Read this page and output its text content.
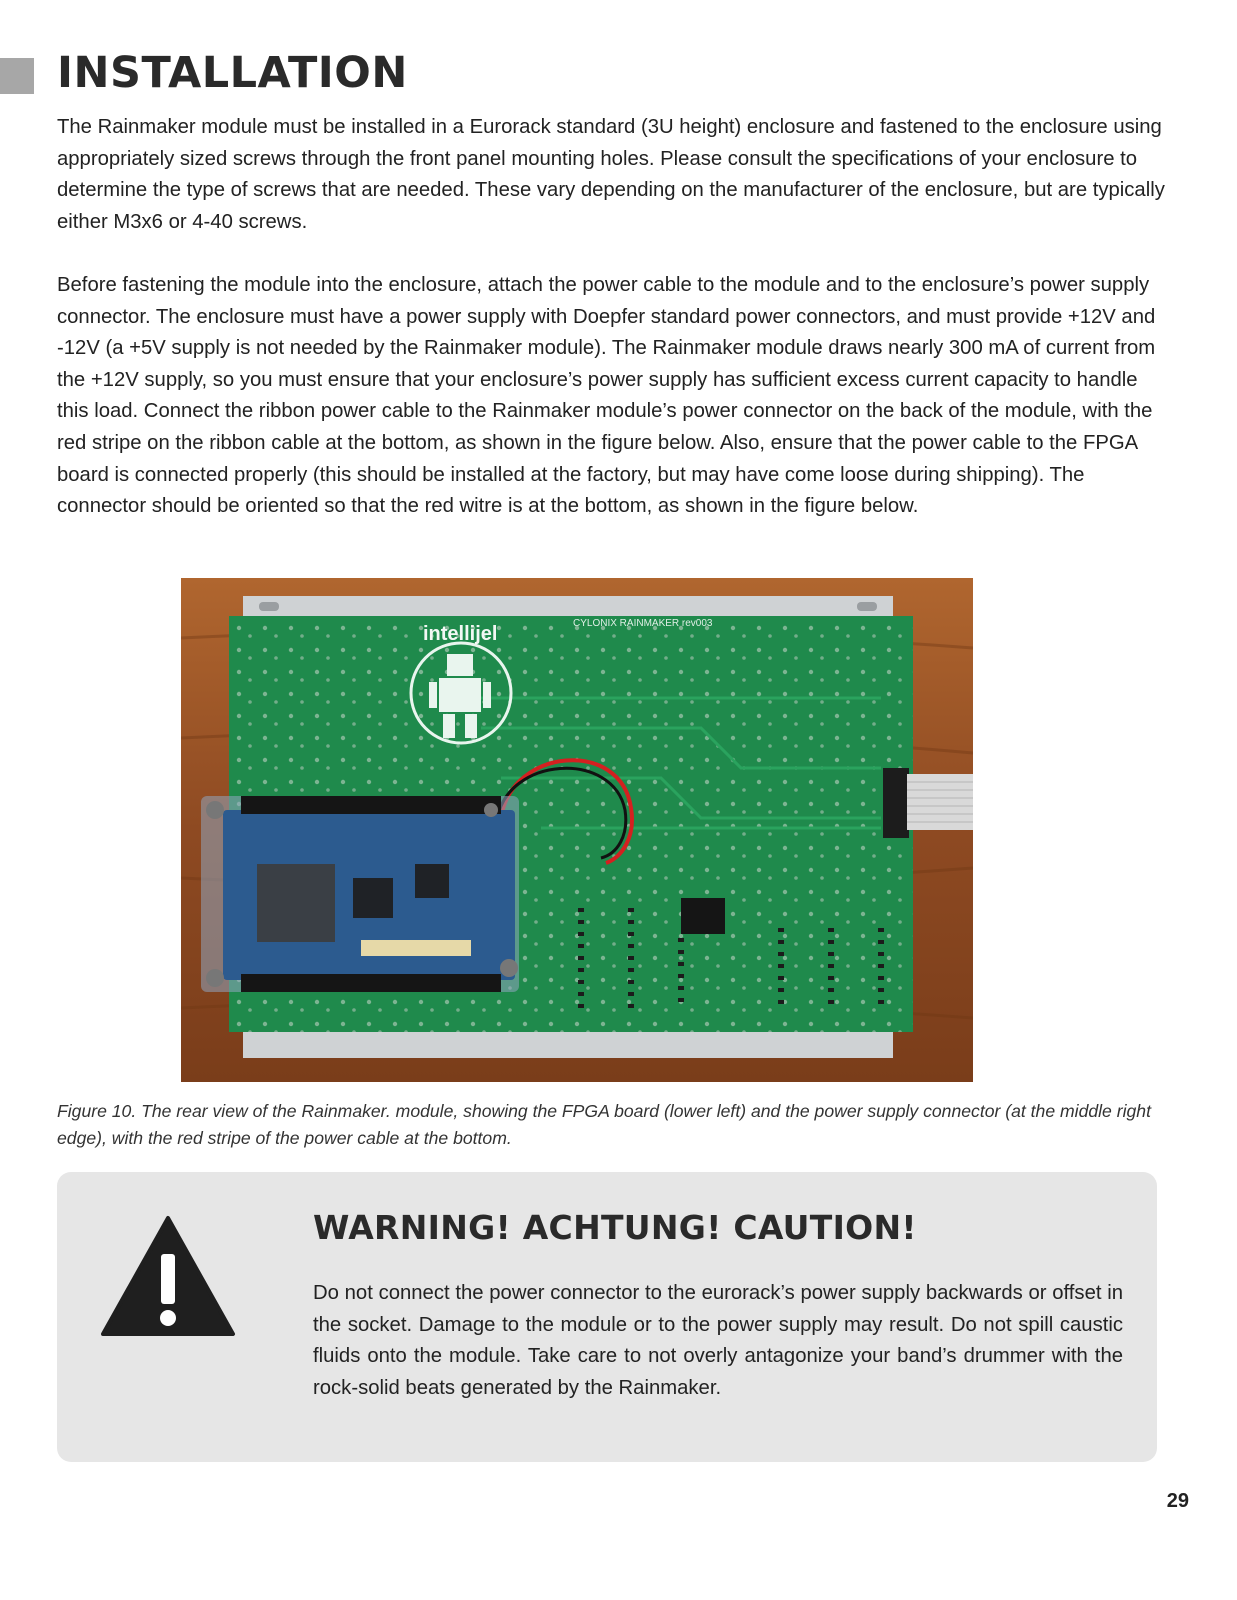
INSTALLATION

The Rainmaker module must be installed in a Eurorack standard (3U height) enclosure and fastened to the enclosure using appropriately sized screws through the front panel mounting holes. Please consult the specifications of your enclosure to determine the type of screws that are needed. These vary depending on the manufacturer of the enclosure, but are typically either M3x6 or 4-40 screws.

Before fastening the module into the enclosure, attach the power cable to the module and to the enclosure’s power supply connector. The enclosure must have a power supply with Doepfer standard power connectors, and must provide +12V and -12V (a +5V supply is not needed by the Rainmaker module). The Rainmaker module draws nearly 300 mA of current from the +12V supply, so you must ensure that your enclosure’s power supply has sufficient excess current capacity to handle this load. Connect the ribbon power cable to the Rainmaker module’s power connector on the back of the module, with the red stripe on the ribbon cable at the bottom, as shown in the figure below. Also, ensure that the power cable to the FPGA board is connected properly (this should be installed at the factory, but may have come loose during shipping). The connector should be oriented so that the red witre is at the bottom, as shown in the figure below.

intellijel	CYLONIX RAINMAKER rev003

Figure 10. The rear view of the Rainmaker. module, showing the FPGA board (lower left) and the power supply connector (at the middle right edge), with the red stripe of the power cable at the bottom.

WARNING! ACHTUNG! CAUTION!

Do not connect the power connector to the eurorack’s power supply backwards or offset in the socket. Damage to the module or to the power supply may result. Do not spill caustic fluids onto the module. Take care to not overly antagonize your band’s drummer with the rock-solid beats generated by the Rainmaker.

29
